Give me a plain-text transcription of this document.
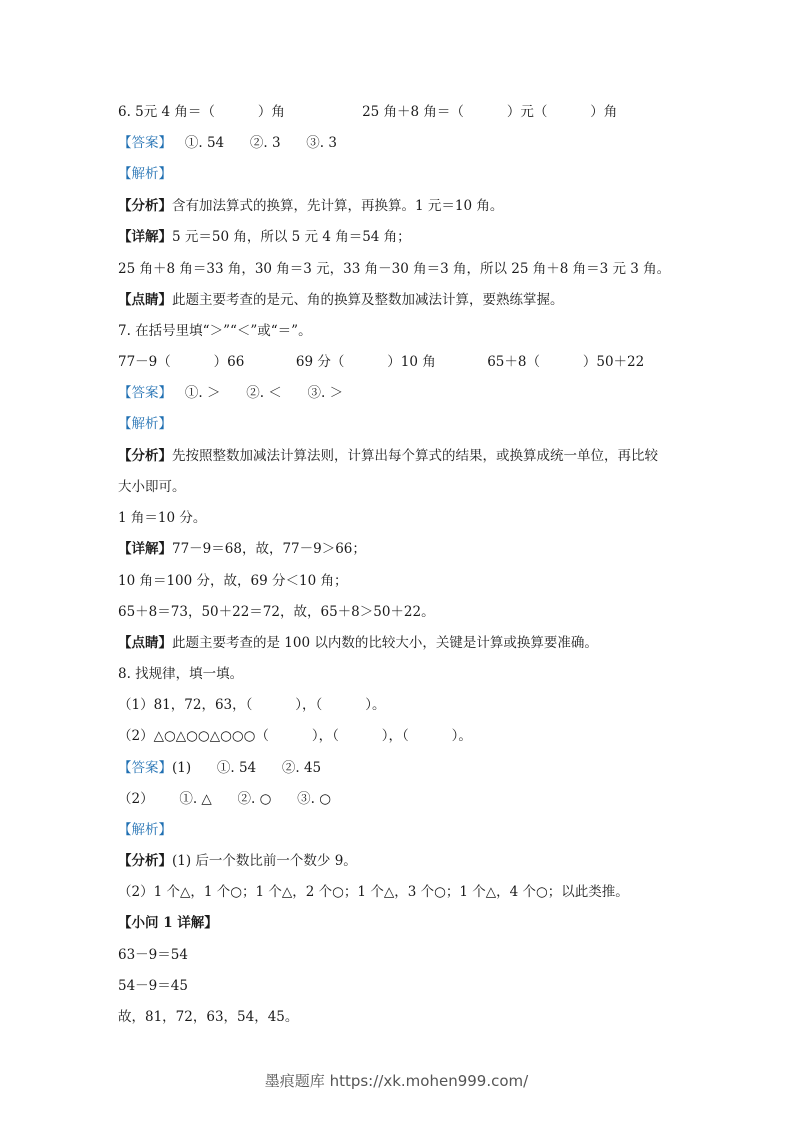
6. 5元 4 角＝（          ）角                  25 角＋8 角＝（          ）元（          ）角

【答案】   ①. 54      ②. 3      ③. 3

【解析】

【分析】含有加法算式的换算，先计算，再换算。1 元＝10 角。

【详解】5 元＝50 角，所以 5 元 4 角＝54 角；

25 角＋8 角＝33 角，30 角＝3 元，33 角－30 角＝3 角，所以 25 角＋8 角＝3 元 3 角。

【点睛】此题主要考查的是元、角的换算及整数加减法计算，要熟练掌握。

7. 在括号里填“＞”“＜”或“＝”。

77－9（          ）66            69 分（          ）10 角            65＋8（          ）50＋22

【答案】   ①. ＞      ②. ＜      ③. ＞

【解析】

【分析】先按照整数加减法计算法则，计算出每个算式的结果，或换算成统一单位，再比较

大小即可。

1 角＝10 分。

【详解】77－9＝68，故，77－9＞66；

10 角＝100 分，故，69 分＜10 角；

65＋8＝73，50＋22＝72，故，65＋8＞50＋22。

【点睛】此题主要考查的是 100 以内数的比较大小，关键是计算或换算要准确。

8. 找规律，填一填。

（1）81，72，63，（          ），（          ）。

（2）△○△○○△○○○（          ），（          ），（          ）。

【答案】(1)      ①. 54      ②. 45

（2）      ①. △      ②. ○      ③. ○

【解析】

【分析】(1) 后一个数比前一个数少 9。

（2）1 个△，1 个○；1 个△，2 个○；1 个△，3 个○；1 个△，4 个○；以此类推。

【小问 1 详解】

63－9＝54

54－9＝45

故，81，72，63，54，45。

墨痕题库 https://xk.mohen999.com/
